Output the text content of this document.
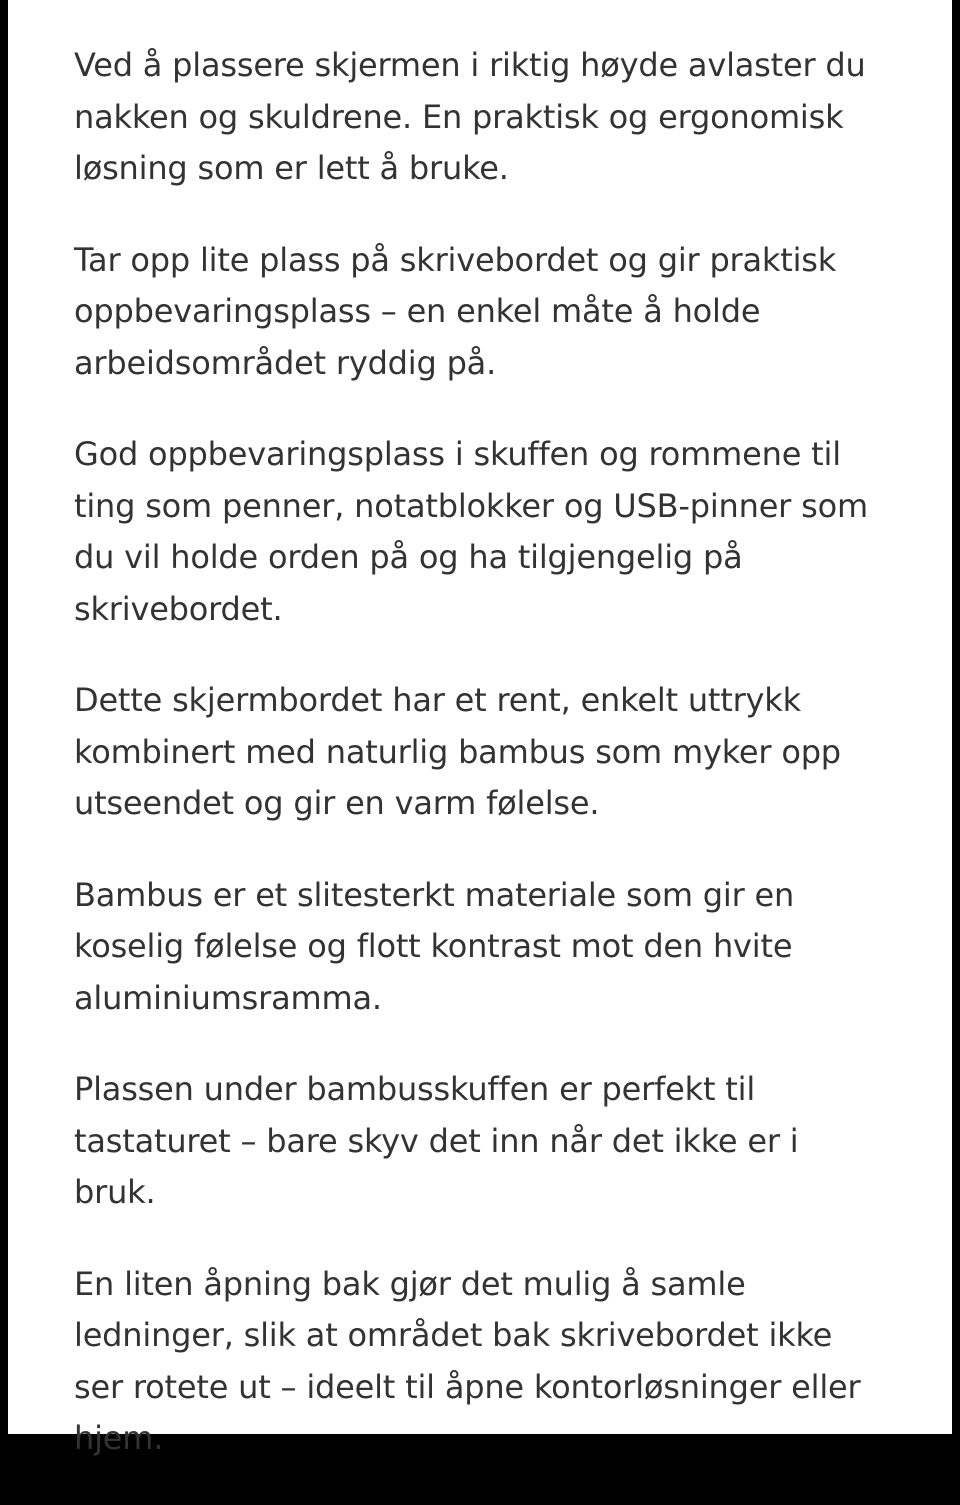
Ved å plassere skjermen i riktig høyde avlaster du
nakken og skuldrene. En praktisk og ergonomisk
løsning som er lett å bruke.

Tar opp lite plass på skrivebordet og gir praktisk
oppbevaringsplass – en enkel måte å holde
arbeidsområdet ryddig på.

God oppbevaringsplass i skuffen og rommene til
ting som penner, notatblokker og USB-pinner som
du vil holde orden på og ha tilgjengelig på
skrivebordet.

Dette skjermbordet har et rent, enkelt uttrykk
kombinert med naturlig bambus som myker opp
utseendet og gir en varm følelse.

Bambus er et slitesterkt materiale som gir en
koselig følelse og flott kontrast mot den hvite
aluminiumsramma.

Plassen under bambusskuffen er perfekt til
tastaturet – bare skyv det inn når det ikke er i
bruk.

En liten åpning bak gjør det mulig å samle
ledninger, slik at området bak skrivebordet ikke
ser rotete ut – ideelt til åpne kontorløsninger eller
hjem.
